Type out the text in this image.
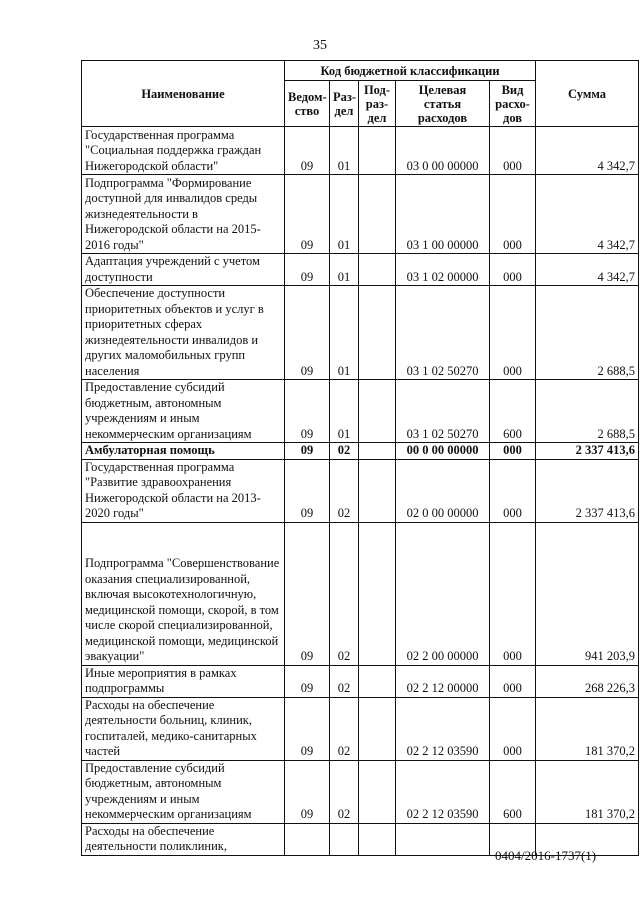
35
Наименование	Код бюджетной классификации					Сумма
	Ведом-ство	Раз-дел	Под-раз-дел	Целевая статья расходов	Вид расхо-дов	
Государственная программа "Социальная поддержка граждан Нижегородской области"	09	01		03 0 00 00000	000	4 342,7
Подпрограмма "Формирование доступной для инвалидов среды жизнедеятельности в Нижегородской области на 2015-2016 годы"	09	01		03 1 00 00000	000	4 342,7
Адаптация учреждений с учетом доступности	09	01		03 1 02 00000	000	4 342,7
Обеспечение доступности приоритетных объектов и услуг в приоритетных сферах жизнедеятельности инвалидов и других маломобильных групп населения	09	01		03 1 02 50270	000	2 688,5
Предоставление субсидий бюджетным, автономным учреждениям и иным некоммерческим организациям	09	01		03 1 02 50270	600	2 688,5
Амбулаторная помощь	09	02		00 0 00 00000	000	2 337 413,6
Государственная программа "Развитие здравоохранения Нижегородской области на 2013-2020 годы"	09	02		02 0 00 00000	000	2 337 413,6
Подпрограмма "Совершенствование оказания специализированной, включая высокотехнологичную, медицинской помощи, скорой, в том числе скорой специализированной, медицинской помощи, медицинской эвакуации"	09	02		02 2 00 00000	000	941 203,9
Иные мероприятия в рамках подпрограммы	09	02		02 2 12 00000	000	268 226,3
Расходы на обеспечение деятельности больниц, клиник, госпиталей, медико-санитарных частей	09	02		02 2 12 03590	000	181 370,2
Предоставление субсидий бюджетным, автономным учреждениям и иным некоммерческим организациям	09	02		02 2 12 03590	600	181 370,2
Расходы на обеспечение деятельности поликлиник,						
0404/2016-1737(1)
